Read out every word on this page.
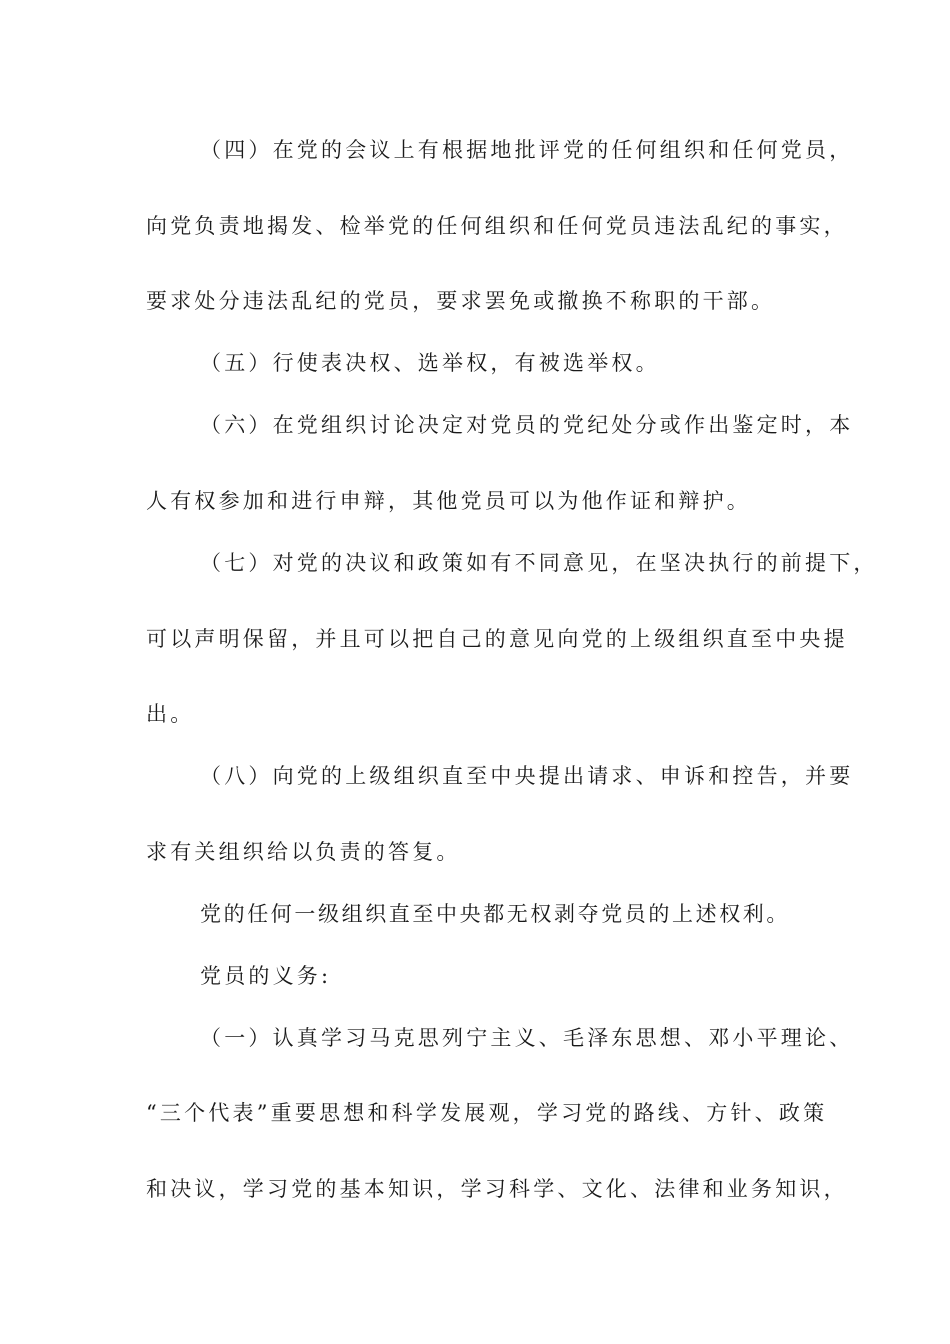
（四）在党的会议上有根据地批评党的任何组织和任何党员，
向党负责地揭发、检举党的任何组织和任何党员违法乱纪的事实，
要求处分违法乱纪的党员，要求罢免或撤换不称职的干部。
（五）行使表决权、选举权，有被选举权。
（六）在党组织讨论决定对党员的党纪处分或作出鉴定时，本
人有权参加和进行申辩，其他党员可以为他作证和辩护。
（七）对党的决议和政策如有不同意见，在坚决执行的前提下，
可以声明保留，并且可以把自己的意见向党的上级组织直至中央提
出。
（八）向党的上级组织直至中央提出请求、申诉和控告，并要
求有关组织给以负责的答复。
党的任何一级组织直至中央都无权剥夺党员的上述权利。
党员的义务:
（一）认真学习马克思列宁主义、毛泽东思想、邓小平理论、
“三个代表”重要思想和科学发展观，学习党的路线、方针、政策
和决议，学习党的基本知识，学习科学、文化、法律和业务知识，
